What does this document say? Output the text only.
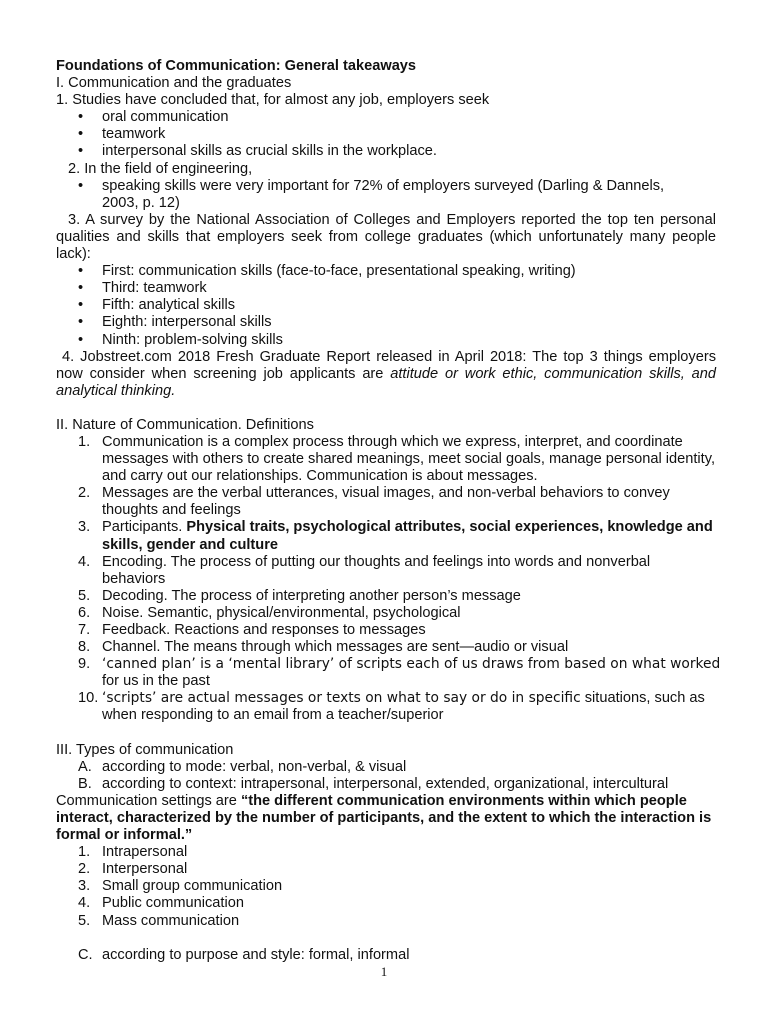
Foundations of Communication: General takeaways
I. Communication and the graduates
1. Studies have concluded that, for almost any job, employers seek
• oral communication
• teamwork
• interpersonal skills as crucial skills in the workplace.
2. In the field of engineering,
• speaking skills were very important for 72% of employers surveyed (Darling & Dannels, 2003, p. 12)
3. A survey by the National Association of Colleges and Employers reported the top ten personal qualities and skills that employers seek from college graduates (which unfortunately many people lack):
• First: communication skills (face-to-face, presentational speaking, writing)
• Third: teamwork
• Fifth: analytical skills
• Eighth: interpersonal skills
• Ninth: problem-solving skills
4. Jobstreet.com 2018 Fresh Graduate Report released in April 2018: The top 3 things employers now consider when screening job applicants are attitude or work ethic, communication skills, and analytical thinking.
II. Nature of Communication. Definitions
1. Communication is a complex process through which we express, interpret, and coordinate messages with others to create shared meanings, meet social goals, manage personal identity, and carry out our relationships. Communication is about messages.
2. Messages are the verbal utterances, visual images, and non-verbal behaviors to convey thoughts and feelings
3. Participants. Physical traits, psychological attributes, social experiences, knowledge and skills, gender and culture
4. Encoding. The process of putting our thoughts and feelings into words and nonverbal behaviors
5. Decoding. The process of interpreting another person’s message
6. Noise. Semantic, physical/environmental, psychological
7. Feedback. Reactions and responses to messages
8. Channel. The means through which messages are sent—audio or visual
9. ‘canned plan’ is a ‘mental library’ of scripts each of us draws from based on what worked
for us in the past
10. ‘scripts’ are actual messages or texts on what to say or do in specific situations, such as when responding to an email from a teacher/superior
III. Types of communication
A. according to mode: verbal, non-verbal, & visual
B. according to context: intrapersonal, interpersonal, extended, organizational, intercultural
Communication settings are “the different communication environments within which people interact, characterized by the number of participants, and the extent to which the interaction is formal or informal.”
1. Intrapersonal
2. Interpersonal
3. Small group communication
4. Public communication
5. Mass communication
C. according to purpose and style: formal, informal
1
